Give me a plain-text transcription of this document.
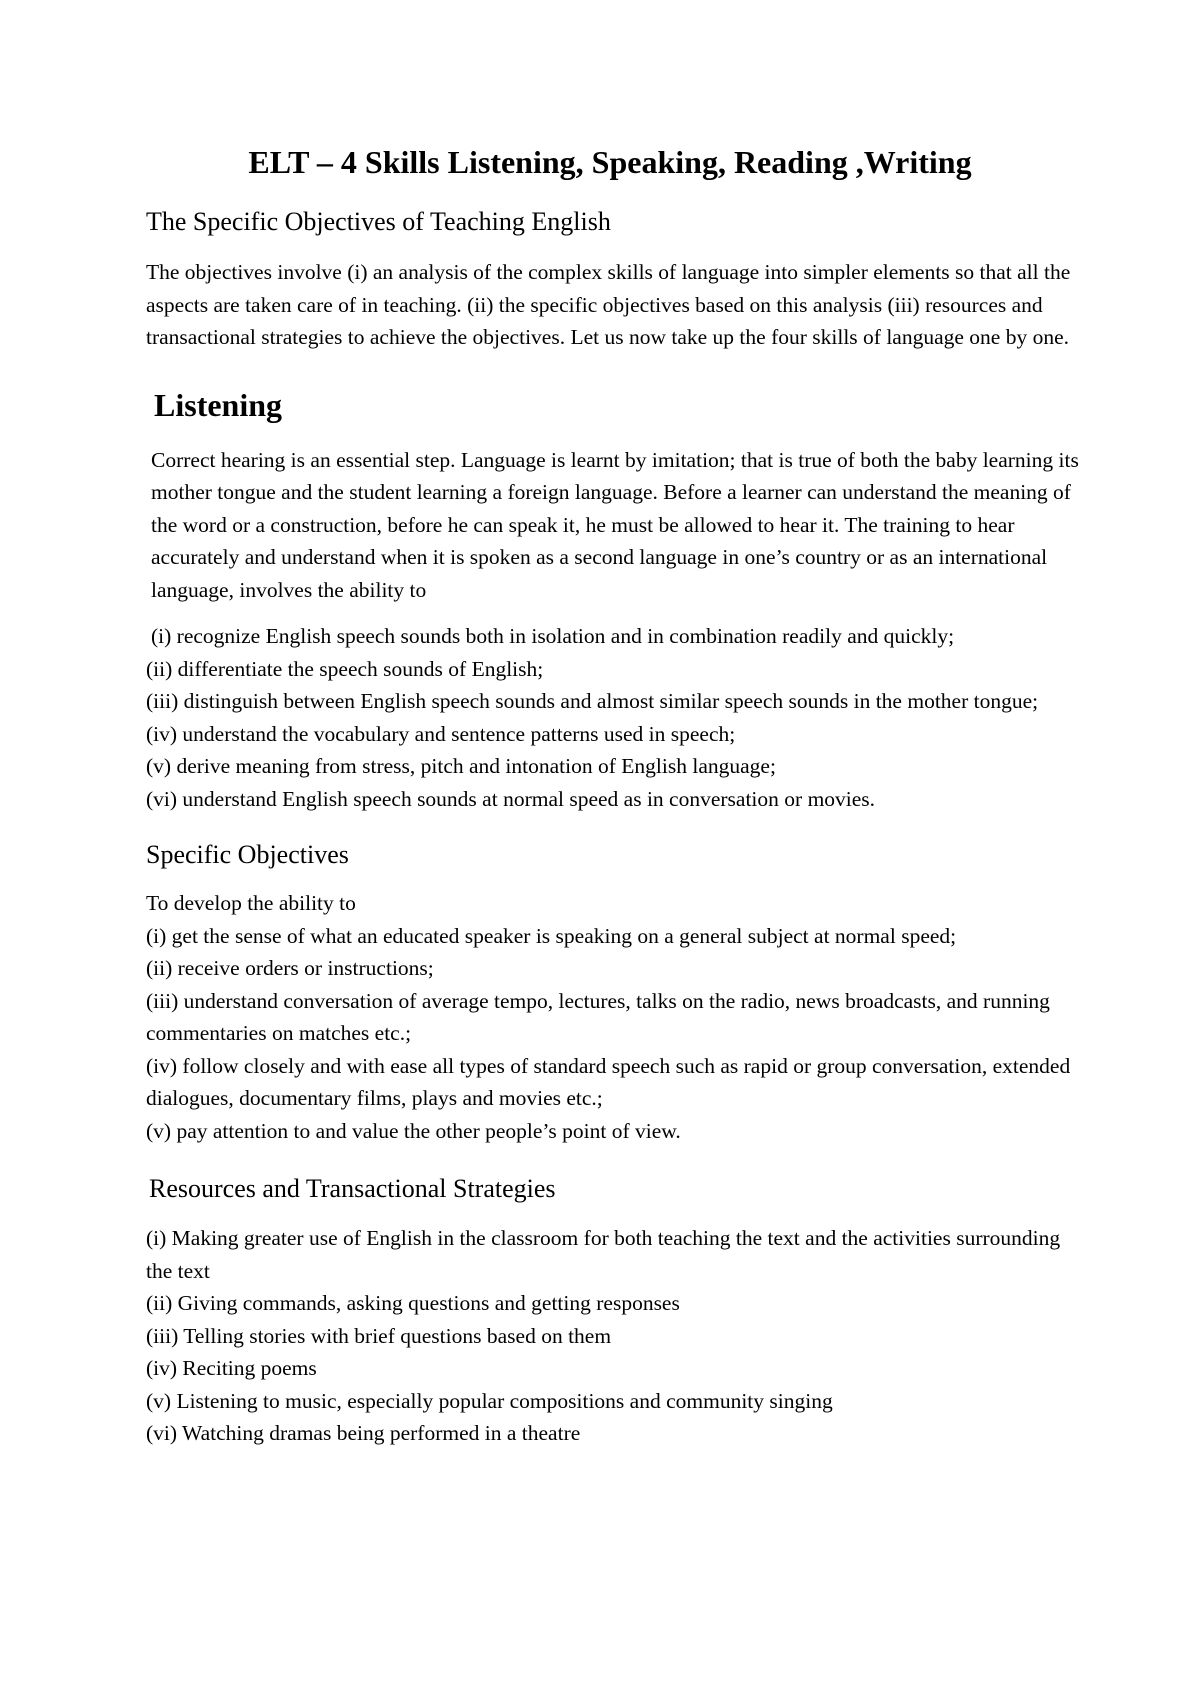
ELT – 4 Skills Listening, Speaking, Reading ,Writing
The Specific Objectives of Teaching English

The objectives involve (i) an analysis of the complex skills of language into simpler elements so that all the aspects are taken care of in teaching. (ii) the specific objectives based on this analysis (iii) resources and transactional strategies to achieve the objectives. Let us now take up the four skills of language one by one.

Listening

Correct hearing is an essential step. Language is learnt by imitation; that is true of both the baby learning its mother tongue and the student learning a foreign language. Before a learner can understand the meaning of the word or a construction, before he can speak it, he must be allowed to hear it. The training to hear accurately and understand when it is spoken as a second language in one’s country or as an international language, involves the ability to

(i) recognize English speech sounds both in isolation and in combination readily and quickly;
(ii) differentiate the speech sounds of English;
(iii) distinguish between English speech sounds and almost similar speech sounds in the mother tongue;
(iv) understand the vocabulary and sentence patterns used in speech;
(v) derive meaning from stress, pitch and intonation of English language;
(vi) understand English speech sounds at normal speed as in conversation or movies.
Specific Objectives
To develop the ability to
(i) get the sense of what an educated speaker is speaking on a general subject at normal speed;
(ii) receive orders or instructions;
(iii) understand conversation of average tempo, lectures, talks on the radio, news broadcasts, and running commentaries on matches etc.;
(iv) follow closely and with ease all types of standard speech such as rapid or group conversation, extended dialogues, documentary films, plays and movies etc.;
(v) pay attention to and value the other people’s point of view.
Resources and Transactional Strategies
(i) Making greater use of English in the classroom for both teaching the text and the activities surrounding the text
(ii) Giving commands, asking questions and getting responses
(iii) Telling stories with brief questions based on them
(iv) Reciting poems
(v) Listening to music, especially popular compositions and community singing
(vi) Watching dramas being performed in a theatre
